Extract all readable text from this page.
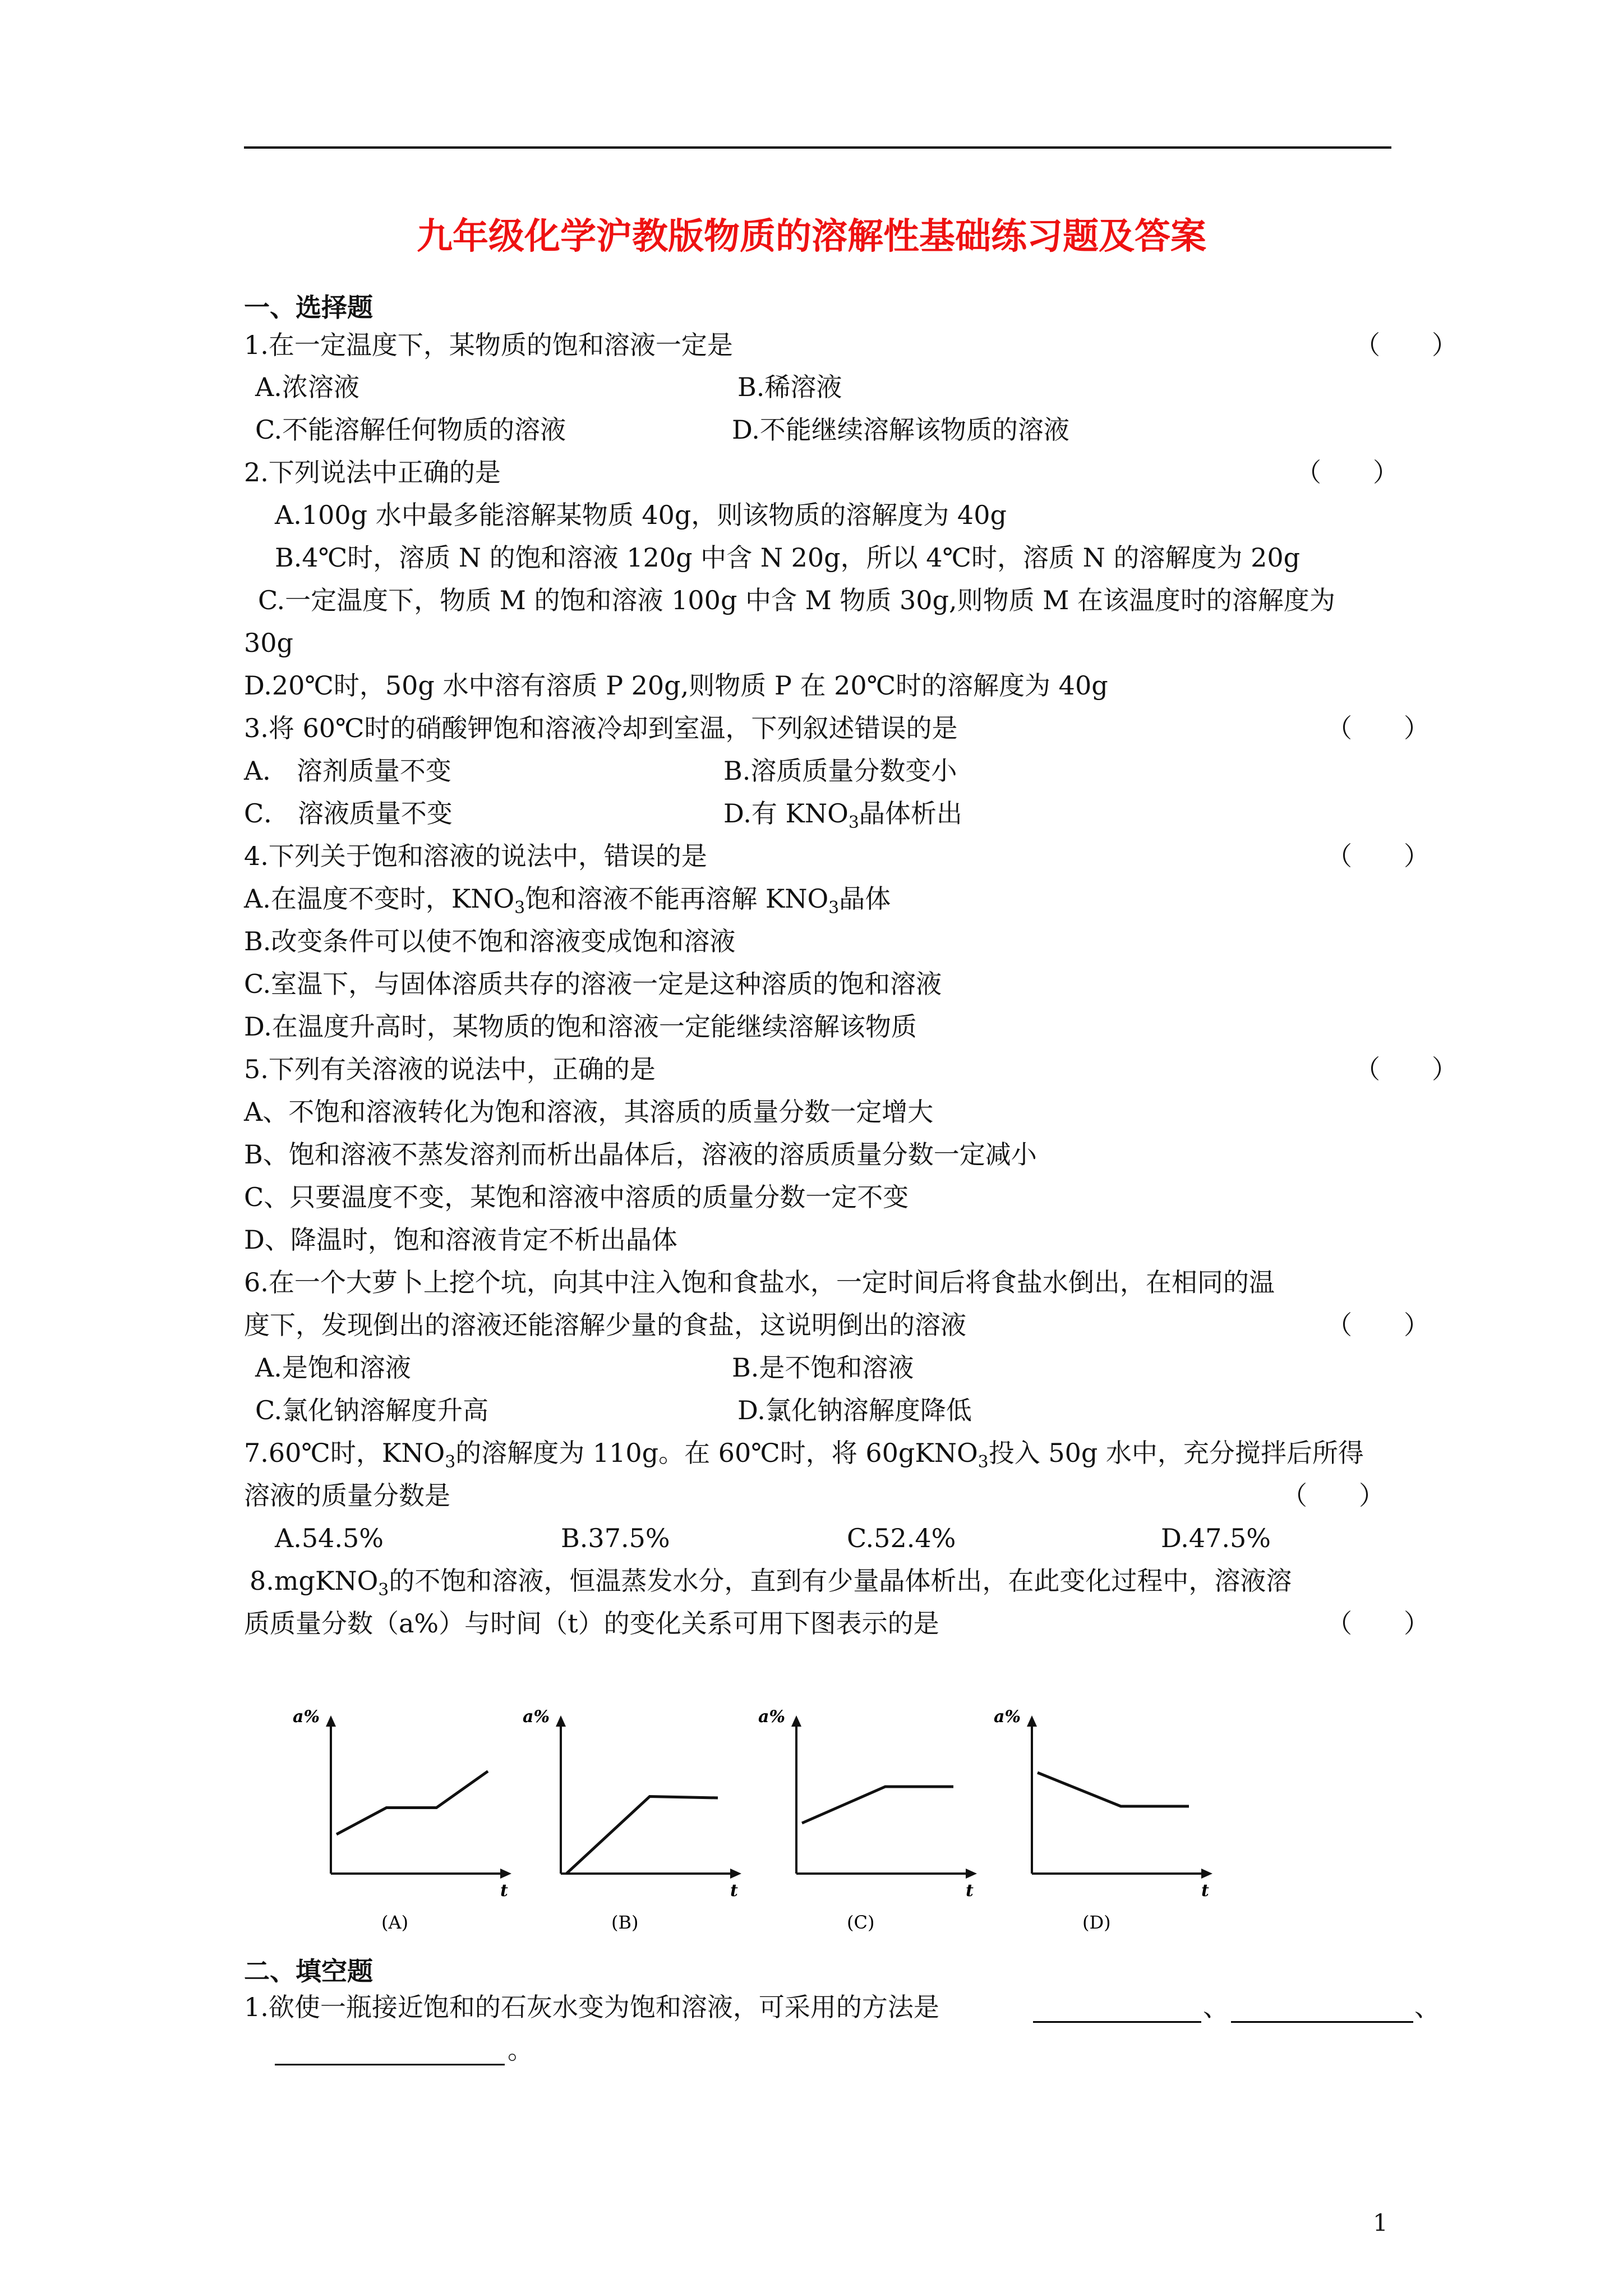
九年级化学沪教版物质的溶解性基础练习题及答案
一、选择题
1.在一定温度下，某物质的饱和溶液一定是	（　　）
A.浓溶液	B.稀溶液
C.不能溶解任何物质的溶液	D.不能继续溶解该物质的溶液
2.下列说法中正确的是	（　　）
A.100g 水中最多能溶解某物质 40g，则该物质的溶解度为 40g
B.4℃时，溶质 N 的饱和溶液 120g 中含 N 20g，所以 4℃时，溶质 N 的溶解度为 20g
C.一定温度下，物质 M 的饱和溶液 100g 中含 M 物质 30g,则物质 M 在该温度时的溶解度为
30g
D.20℃时，50g 水中溶有溶质 P 20g,则物质 P 在 20℃时的溶解度为 40g
3.将 60℃时的硝酸钾饱和溶液冷却到室温，下列叙述错误的是	（　　）
A． 溶剂质量不变	B.溶质质量分数变小
C． 溶液质量不变	D.有 $KNO_3$晶体析出
4.下列关于饱和溶液的说法中，错误的是	（　　）
A.在温度不变时，$KNO_3$饱和溶液不能再溶解 $KNO_3$晶体
B.改变条件可以使不饱和溶液变成饱和溶液
C.室温下，与固体溶质共存的溶液一定是这种溶质的饱和溶液
D.在温度升高时，某物质的饱和溶液一定能继续溶解该物质
5.下列有关溶液的说法中，正确的是	（　　）
A、不饱和溶液转化为饱和溶液，其溶质的质量分数一定增大
B、饱和溶液不蒸发溶剂而析出晶体后，溶液的溶质质量分数一定减小
C、只要温度不变，某饱和溶液中溶质的质量分数一定不变
D、降温时，饱和溶液肯定不析出晶体
6.在一个大萝卜上挖个坑，向其中注入饱和食盐水，一定时间后将食盐水倒出，在相同的温
度下，发现倒出的溶液还能溶解少量的食盐，这说明倒出的溶液	（　　）
A.是饱和溶液	B.是不饱和溶液
C.氯化钠溶解度升高	D.氯化钠溶解度降低
7.60℃时，$KNO_3$的溶解度为 110g。在 60℃时，将 60gKNO$_3$投入 50g 水中，充分搅拌后所得
溶液的质量分数是	（　　）
A.54.5%	B.37.5%	C.52.4%	D.47.5%
8.mgKNO$_3$的不饱和溶液，恒温蒸发水分，直到有少量晶体析出，在此变化过程中，溶液溶
质质量分数（a%）与时间（t）的变化关系可用下图表示的是	（　　）
a%
t
(A)
a%
t
(B)
a%
t
(C)
a%
t
(D)
二、填空题
1.欲使一瓶接近饱和的石灰水变为饱和溶液，可采用的方法是	、	、
。
1
